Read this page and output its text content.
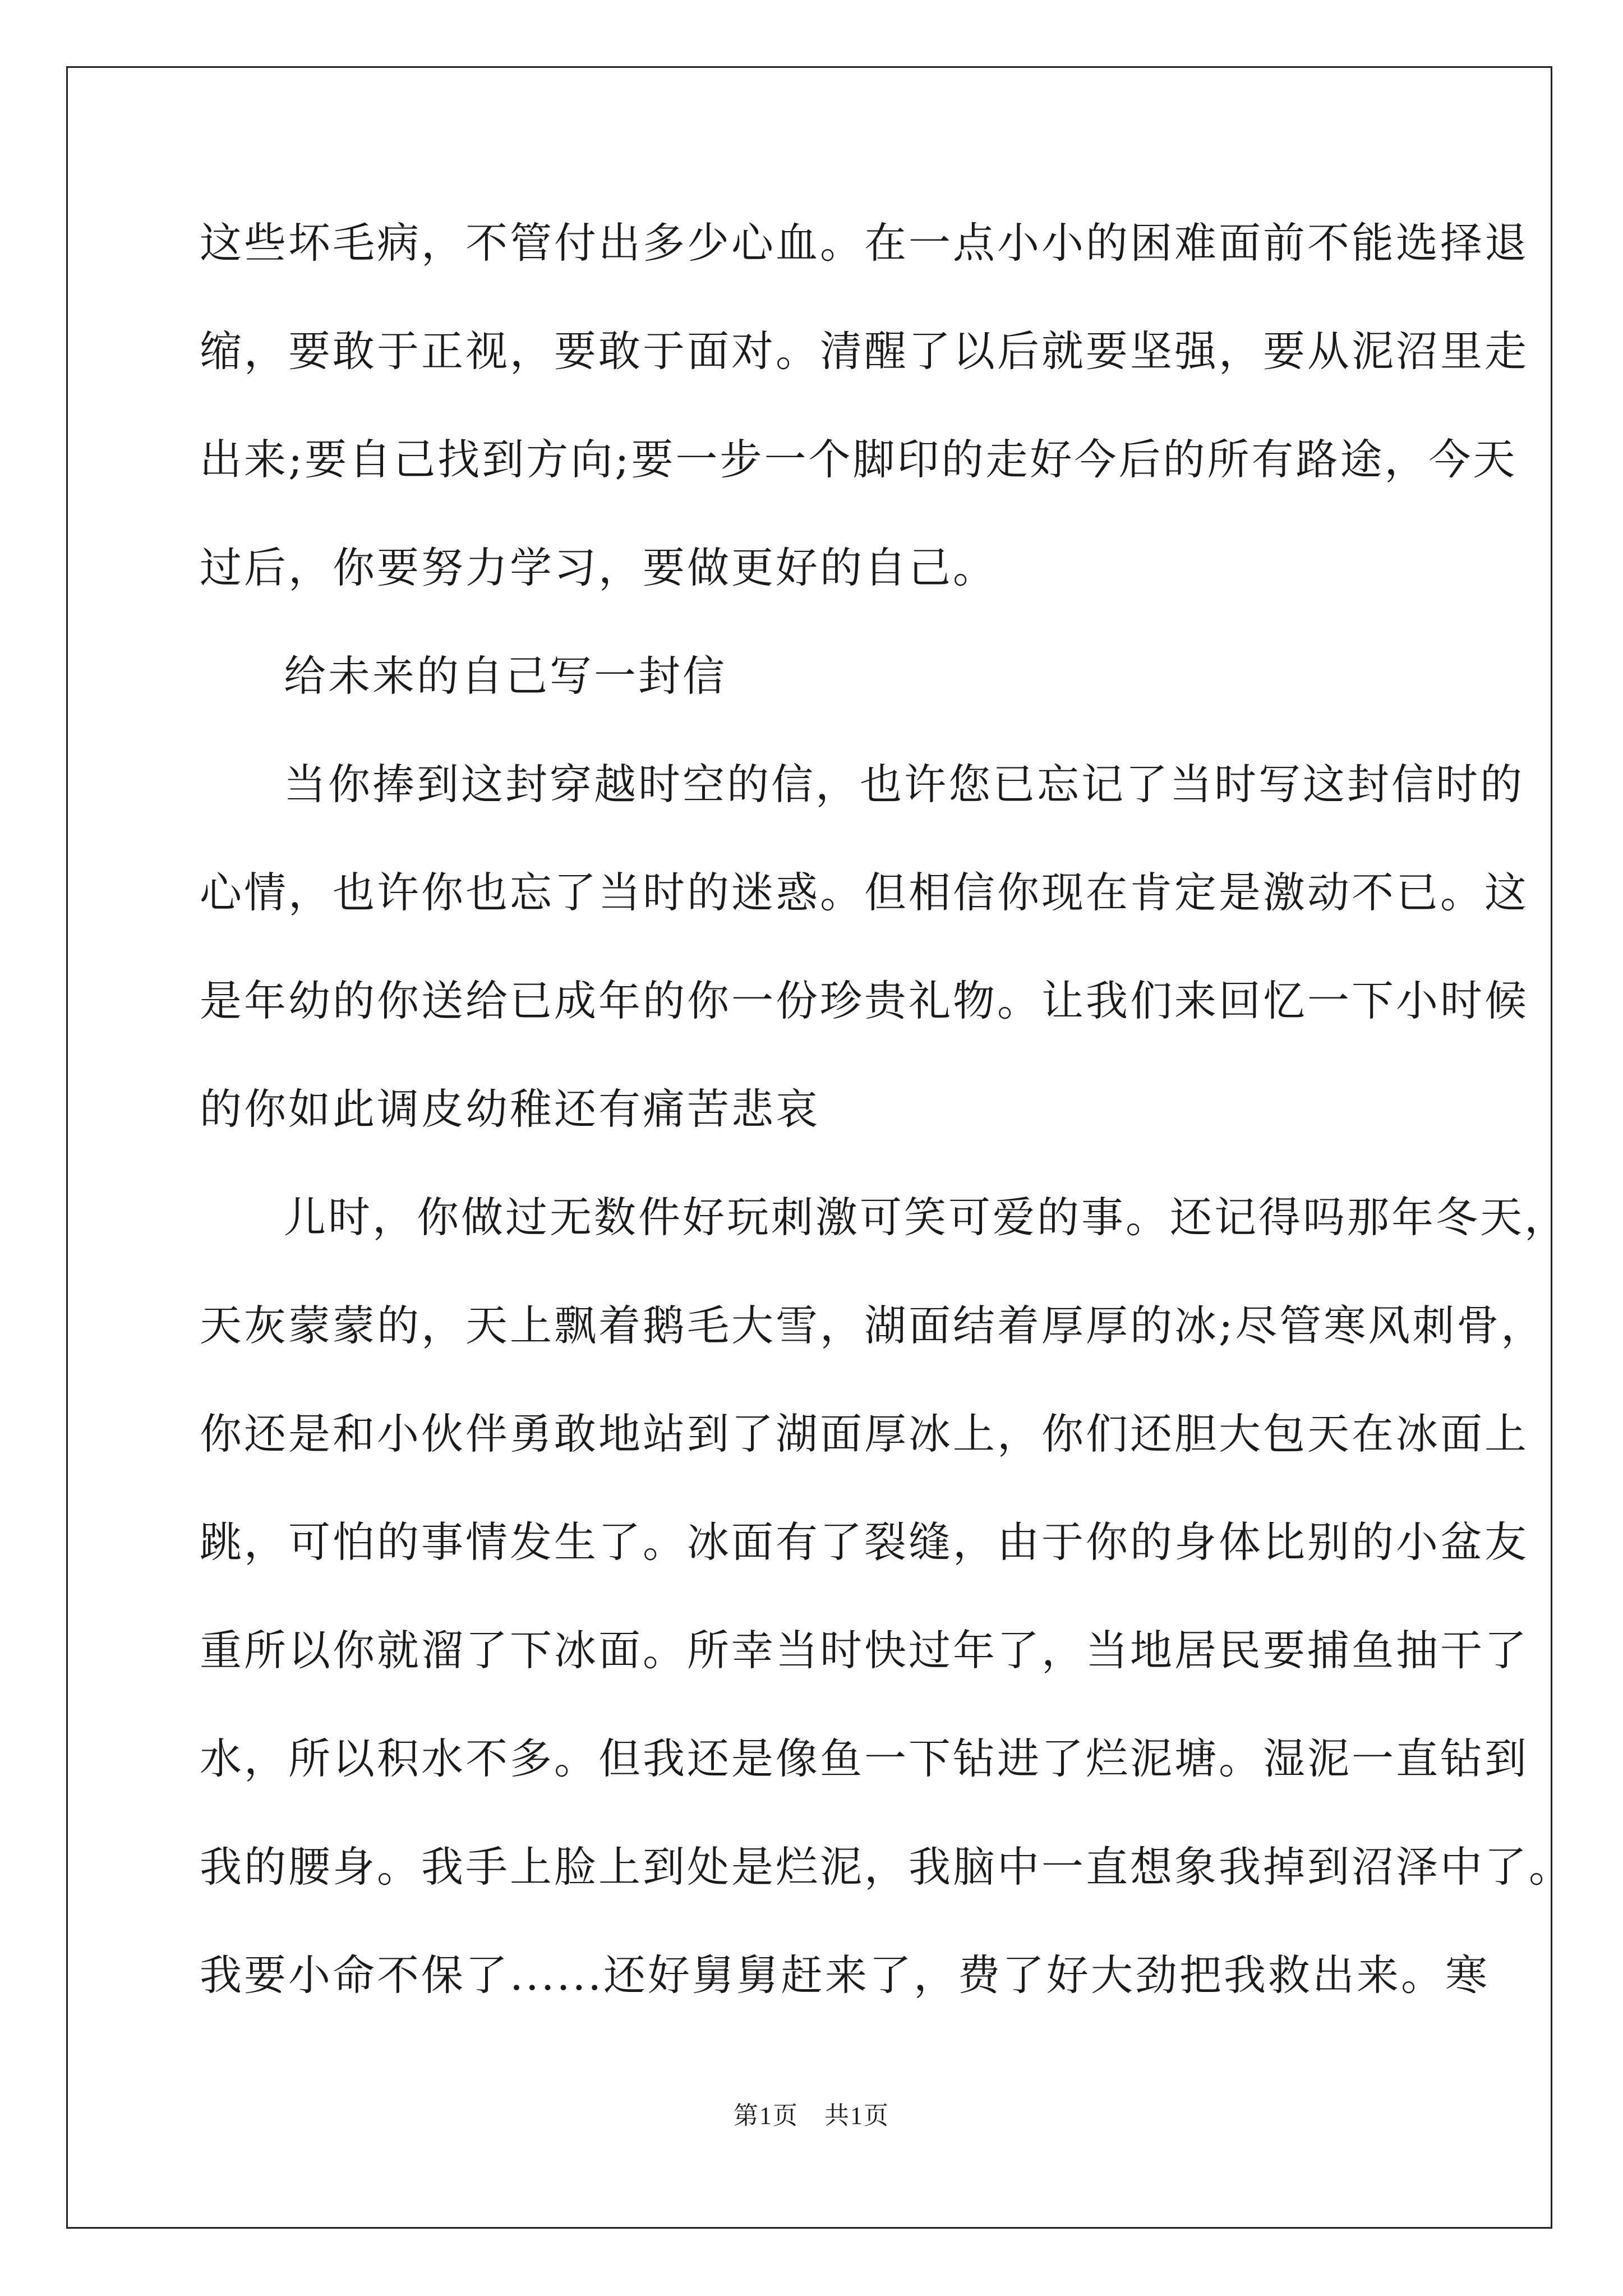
这些坏毛病，不管付出多少心血。在一点小小的困难面前不能选择退
缩，要敢于正视，要敢于面对。清醒了以后就要坚强，要从泥沼里走
出来;要自己找到方向;要一步一个脚印的走好今后的所有路途，今天
过后，你要努力学习，要做更好的自己。
给未来的自己写一封信
当你捧到这封穿越时空的信，也许您已忘记了当时写这封信时的
心情，也许你也忘了当时的迷惑。但相信你现在肯定是激动不已。这
是年幼的你送给已成年的你一份珍贵礼物。让我们来回忆一下小时候
的你如此调皮幼稚还有痛苦悲哀
儿时，你做过无数件好玩刺激可笑可爱的事。还记得吗那年冬天，
天灰蒙蒙的，天上飘着鹅毛大雪，湖面结着厚厚的冰;尽管寒风刺骨，
你还是和小伙伴勇敢地站到了湖面厚冰上，你们还胆大包天在冰面上
跳，可怕的事情发生了。冰面有了裂缝，由于你的身体比别的小盆友
重所以你就溜了下冰面。所幸当时快过年了，当地居民要捕鱼抽干了
水，所以积水不多。但我还是像鱼一下钻进了烂泥塘。湿泥一直钻到
我的腰身。我手上脸上到处是烂泥，我脑中一直想象我掉到沼泽中了。
我要小命不保了......还好舅舅赶来了，费了好大劲把我救出来。寒
第1页　共1页
